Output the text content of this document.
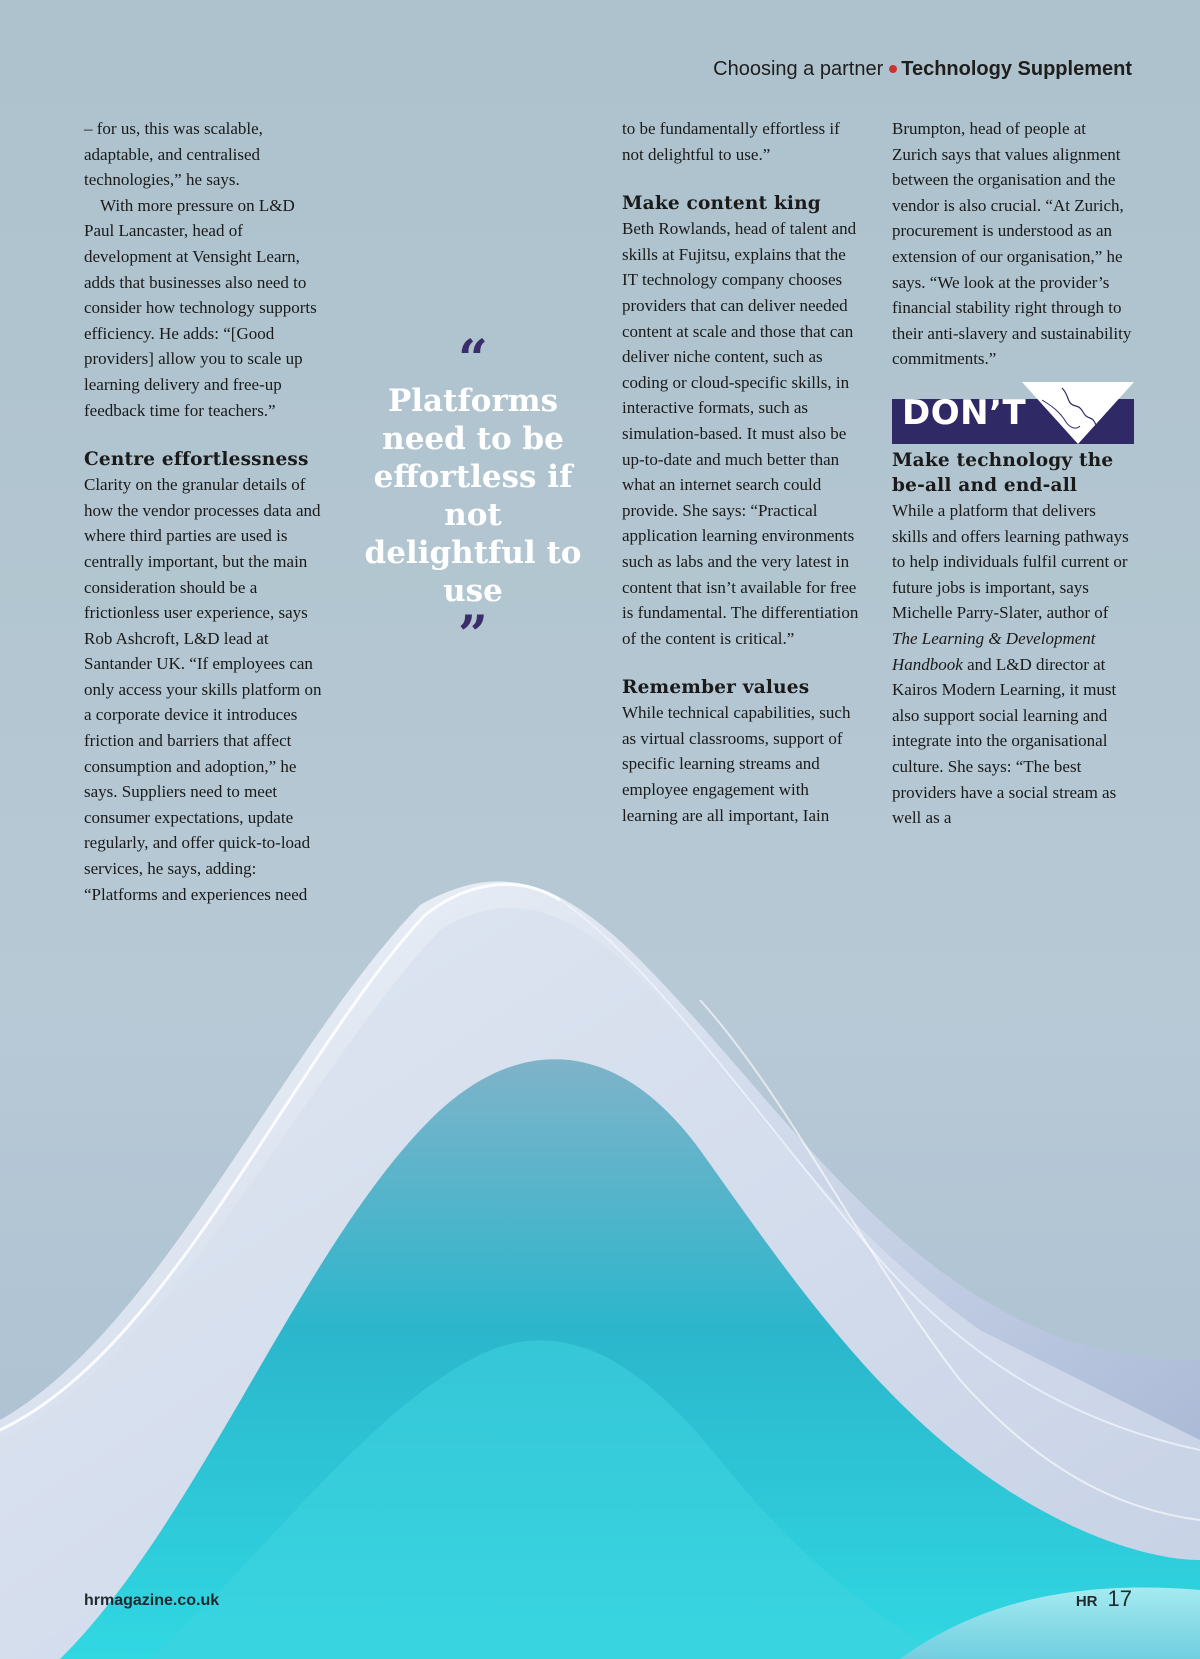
Choosing a partner Technology Supplement

– for us, this was scalable, adaptable, and centralised technologies,” he says.

With more pressure on L&D Paul Lancaster, head of development at Vensight Learn, adds that businesses also need to consider how technology supports efficiency. He adds: “[Good providers] allow you to scale up learning delivery and free-up feedback time for teachers.”

Centre effortlessness

Clarity on the granular details of how the vendor processes data and where third parties are used is centrally important, but the main consideration should be a frictionless user experience, says Rob Ashcroft, L&D lead at Santander UK. “If employees can only access your skills platform on a corporate device it introduces friction and barriers that affect consumption and adoption,” he says. Suppliers need to meet consumer expectations, update regularly, and offer quick-to-load services, he says, adding: “Platforms and experiences need

“
Platforms need to be effortless if not delightful to use
”

to be fundamentally effortless if not delightful to use.”

Make content king

Beth Rowlands, head of talent and skills at Fujitsu, explains that the IT technology company chooses providers that can deliver needed content at scale and those that can deliver niche content, such as coding or cloud-specific skills, in interactive formats, such as simulation-based. It must also be up-to-date and much better than what an internet search could provide. She says: “Practical application learning environments such as labs and the very latest in content that isn’t available for free is fundamental. The differentiation of the content is critical.”

Remember values

While technical capabilities, such as virtual classrooms, support of specific learning streams and employee engagement with learning are all important, Iain

Brumpton, head of people at Zurich says that values alignment between the organisation and the vendor is also crucial. “At Zurich, procurement is understood as an extension of our organisation,” he says. “We look at the provider’s financial stability right through to their anti-slavery and sustainability commitments.”

DON’T
Make technology the be-all and end-all

While a platform that delivers skills and offers learning pathways to help individuals fulfil current or future jobs is important, says Michelle Parry-Slater, author of The Learning & Development Handbook and L&D director at Kairos Modern Learning, it must also support social learning and integrate into the organisational culture. She says: “The best providers have a social stream as well as a

hrmagazine.co.uk	HR 17
